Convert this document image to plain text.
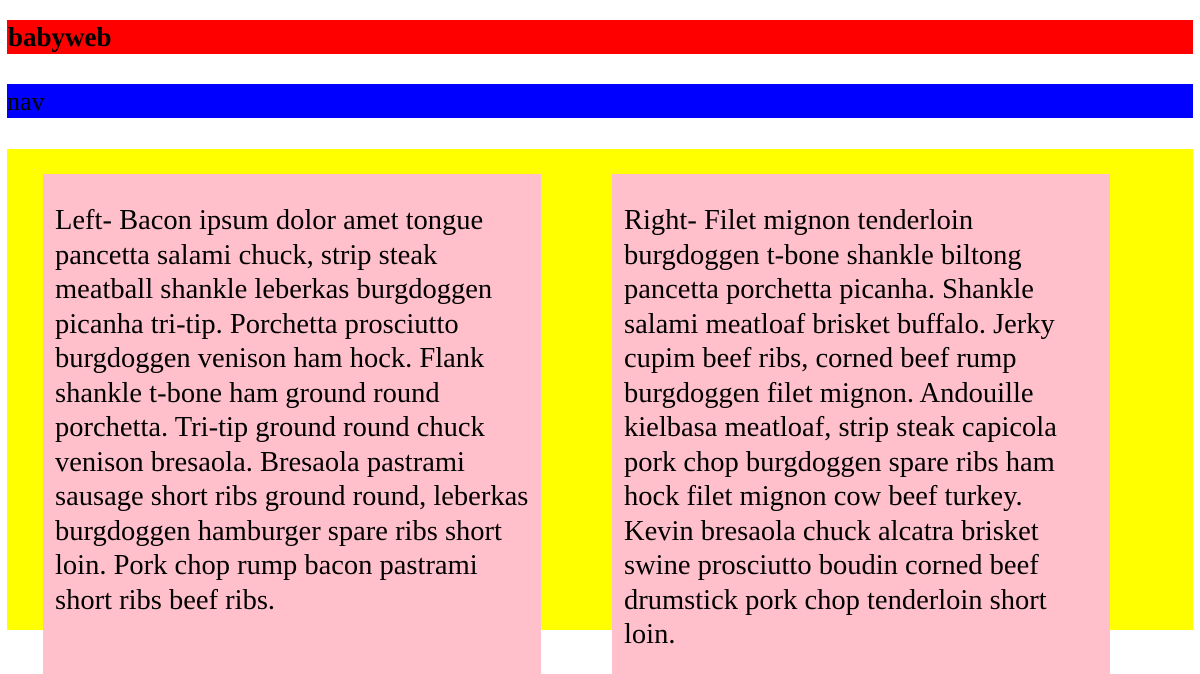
babyweb
nav

Left- Bacon ipsum dolor amet tongue pancetta salami chuck, strip steak meatball shankle leberkas burgdoggen picanha tri-tip. Porchetta prosciutto burgdoggen venison ham hock. Flank shankle t-bone ham ground round porchetta. Tri-tip ground round chuck venison bresaola. Bresaola pastrami sausage short ribs ground round, leberkas burgdoggen hamburger spare ribs short loin. Pork chop rump bacon pastrami short ribs beef ribs.

Right- Filet mignon tenderloin burgdoggen t-bone shankle biltong pancetta porchetta picanha. Shankle salami meatloaf brisket buffalo. Jerky cupim beef ribs, corned beef rump burgdoggen filet mignon. Andouille kielbasa meatloaf, strip steak capicola pork chop burgdoggen spare ribs ham hock filet mignon cow beef turkey. Kevin bresaola chuck alcatra brisket swine prosciutto boudin corned beef drumstick pork chop tenderloin short loin.
